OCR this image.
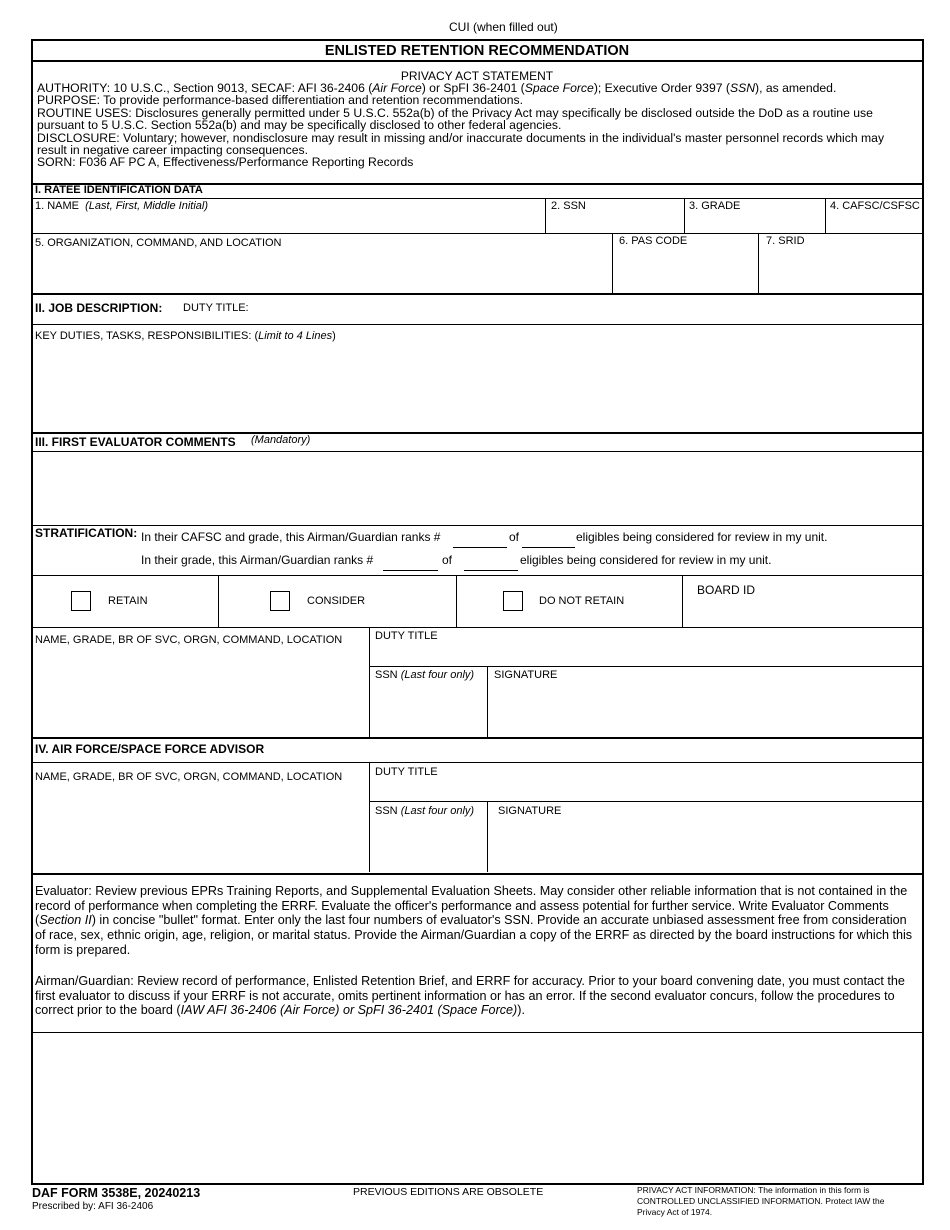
CUI (when filled out)
ENLISTED RETENTION RECOMMENDATION
PRIVACY ACT STATEMENT
AUTHORITY: 10 U.S.C., Section 9013, SECAF: AFI 36-2406 (Air Force) or SpFI 36-2401 (Space Force); Executive Order 9397 (SSN), as amended.
PURPOSE: To provide performance-based differentiation and retention recommendations.
ROUTINE USES: Disclosures generally permitted under 5 U.S.C. 552a(b) of the Privacy Act may specifically be disclosed outside the DoD as a routine use
pursuant to 5 U.S.C. Section 552a(b) and may be specifically disclosed to other federal agencies.
DISCLOSURE: Voluntary; however, nondisclosure may result in missing and/or inaccurate documents in the individual's master personnel records which may
result in negative career impacting consequences.
SORN: F036 AF PC A, Effectiveness/Performance Reporting Records
I. RATEE IDENTIFICATION DATA
1. NAME (Last, First, Middle Initial)	2. SSN	3. GRADE	4. CAFSC/CSFSC
5. ORGANIZATION, COMMAND, AND LOCATION	6. PAS CODE	7. SRID
II. JOB DESCRIPTION: DUTY TITLE:
KEY DUTIES, TASKS, RESPONSIBILITIES: (Limit to 4 Lines)
III. FIRST EVALUATOR COMMENTS (Mandatory)
STRATIFICATION: In their CAFSC and grade, this Airman/Guardian ranks #	of	eligibles being considered for review in my unit.
In their grade, this Airman/Guardian ranks #	of	eligibles being considered for review in my unit.
RETAIN	CONSIDER	DO NOT RETAIN
BOARD ID
NAME, GRADE, BR OF SVC, ORGN, COMMAND, LOCATION	DUTY TITLE
SSN (Last four only) SIGNATURE
IV. AIR FORCE/SPACE FORCE ADVISOR
NAME, GRADE, BR OF SVC, ORGN, COMMAND, LOCATION	DUTY TITLE
SSN (Last four only) SIGNATURE
Evaluator: Review previous EPRs Training Reports, and Supplemental Evaluation Sheets. May consider other reliable information that is not contained in the record of performance when completing the ERRF. Evaluate the officer's performance and assess potential for further service. Write Evaluator Comments (Section II) in concise "bullet" format. Enter only the last four numbers of evaluator's SSN. Provide an accurate unbiased assessment free from consideration of race, sex, ethnic origin, age, religion, or marital status. Provide the Airman/Guardian a copy of the ERRF as directed by the board instructions for which this form is prepared.
Airman/Guardian: Review record of performance, Enlisted Retention Brief, and ERRF for accuracy. Prior to your board convening date, you must contact the first evaluator to discuss if your ERRF is not accurate, omits pertinent information or has an error. If the second evaluator concurs, follow the procedures to correct prior to the board (IAW AFI 36-2406 (Air Force) or SpFI 36-2401 (Space Force)).
DAF FORM 3538E, 20240213
Prescribed by: AFI 36-2406
PREVIOUS EDITIONS ARE OBSOLETE	PRIVACY ACT INFORMATION: The information in this form is
CONTROLLED UNCLASSIFIED INFORMATION. Protect IAW the
Privacy Act of 1974.
